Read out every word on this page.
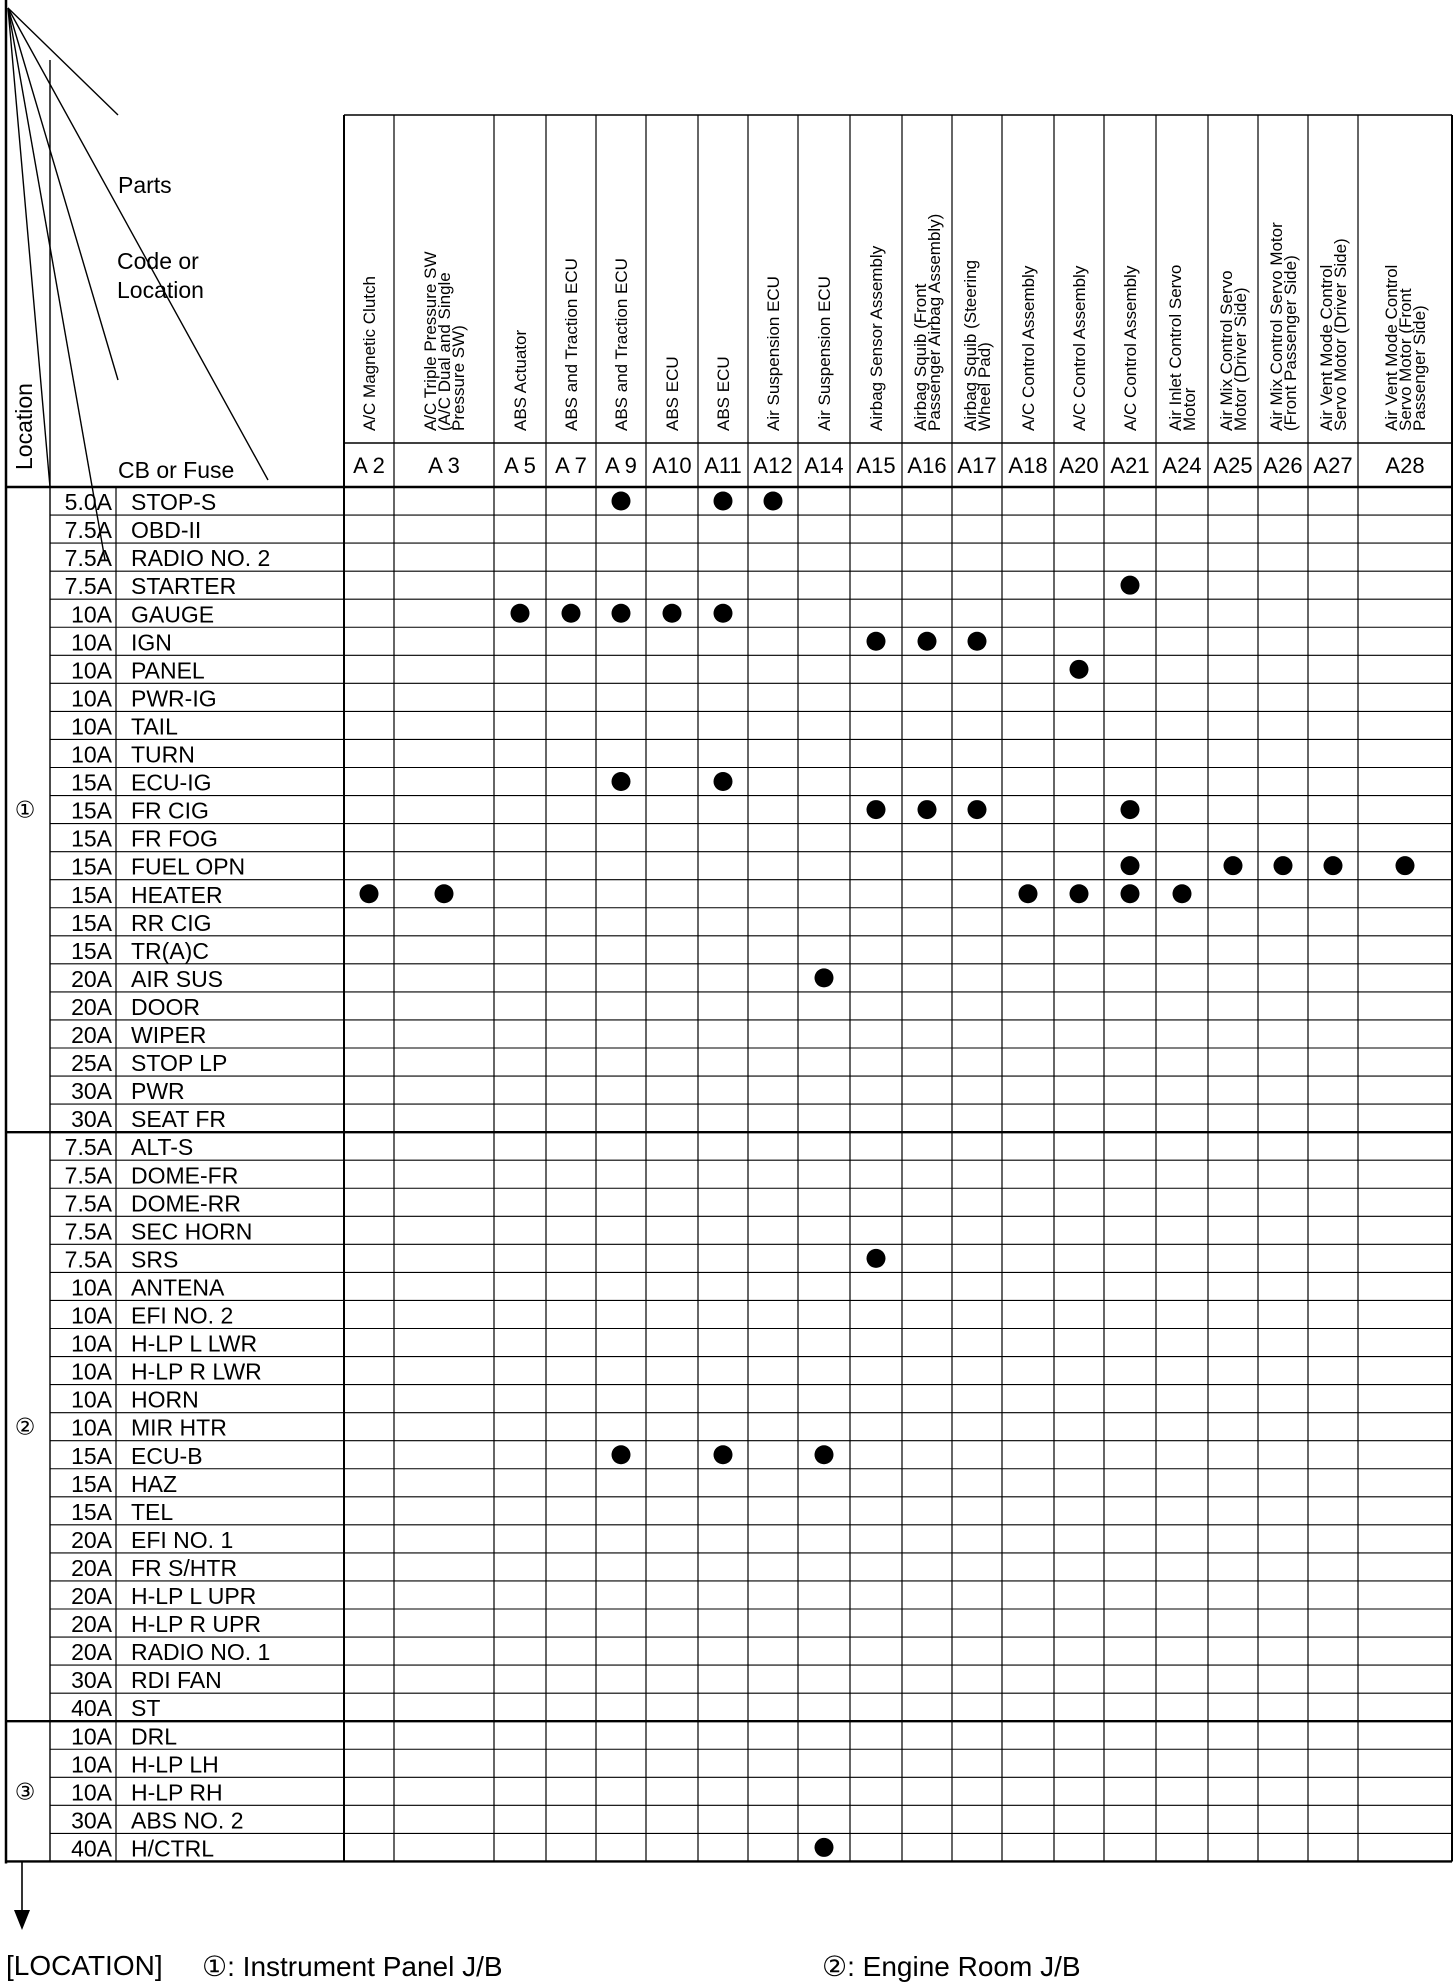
Parts
Code or
Location
CB or Fuse
Location	A/C Magnetic Clutch
A 2
A/C Triple Pressure SW
(A/C Dual and Single
Pressure SW)
A 3
ABS Actuator
A 5
ABS and Traction ECU
A 7
ABS and Traction ECU
A 9
ABS ECU
A10
ABS ECU
A11
Air Suspension ECU
A12
Air Suspension ECU
A14
Airbag Sensor Assembly
A15
Airbag Squib (Front
Passenger Airbag Assembly)
A16
Airbag Squib (Steering
Wheel Pad)
A17
A/C Control Assembly
A18
A/C Control Assembly
A20
A/C Control Assembly
A21
Air Inlet Control Servo
Motor
A24
Air Mix Control Servo
Motor (Driver Side)
A25
Air Mix Control Servo Motor
(Front Passenger Side)
A26
Air Vent Mode Control
Servo Motor (Driver Side)
A27
Air Vent Mode Control
Servo Motor (Front
Passenger Side)
A28
5.0A STOP-S
7.5A OBD-II
7.5A RADIO NO. 2
7.5A STARTER
10A GAUGE
10A IGN
10A PANEL
10A PWR-IG
10A TAIL
10A TURN
15A ECU-IG
15A FR CIG
15A FR FOG
15A FUEL OPN
15A HEATER
15A RR CIG
15A TR(A)C
20A AIR SUS
20A DOOR
20A WIPER
25A STOP LP
30A PWR
30A SEAT FR
①
7.5A ALT-S
7.5A DOME-FR
7.5A DOME-RR
7.5A SEC HORN
7.5A SRS
10A ANTENA
10A EFI NO. 2
10A H-LP L LWR
10A H-LP R LWR
10A HORN
10A MIR HTR
15A ECU-B
15A HAZ
15A TEL
20A EFI NO. 1
20A FR S/HTR
20A H-LP L UPR
20A H-LP R UPR
20A RADIO NO. 1
30A RDI FAN
40A ST
②
10A DRL
10A H-LP LH
10A H-LP RH
30A ABS NO. 2
40A H/CTRL
③
[LOCATION] ①: Instrument Panel J/B	②: Engine Room J/B
